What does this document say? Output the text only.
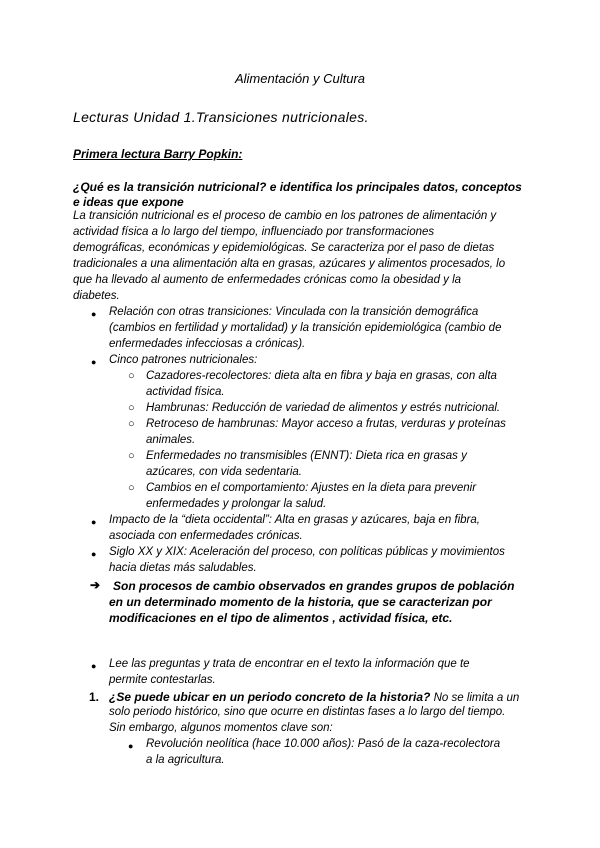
Alimentación y Cultura
Lecturas Unidad 1.Transiciones nutricionales.
Primera lectura Barry Popkin:
¿Qué es la transición nutricional? e identifica los principales datos, conceptos
e ideas que expone
La transición nutricional es el proceso de cambio en los patrones de alimentación y
actividad física a lo largo del tiempo, influenciado por transformaciones
demográficas, económicas y epidemiológicas. Se caracteriza por el paso de dietas
tradicionales a una alimentación alta en grasas, azúcares y alimentos procesados, lo
que ha llevado al aumento de enfermedades crónicas como la obesidad y la
diabetes.
● Relación con otras transiciones: Vinculada con la transición demográfica
(cambios en fertilidad y mortalidad) y la transición epidemiológica (cambio de
enfermedades infecciosas a crónicas).
● Cinco patrones nutricionales:
○ Cazadores-recolectores: dieta alta en fibra y baja en grasas, con alta
actividad física.
○ Hambrunas: Reducción de variedad de alimentos y estrés nutricional.
○ Retroceso de hambrunas: Mayor acceso a frutas, verduras y proteínas
animales.
○ Enfermedades no transmisibles (ENNT): Dieta rica en grasas y
azúcares, con vida sedentaria.
○ Cambios en el comportamiento: Ajustes en la dieta para prevenir
enfermedades y prolongar la salud.
● Impacto de la “dieta occidental”: Alta en grasas y azúcares, baja en fibra,
asociada con enfermedades crónicas.
● Siglo XX y XIX: Aceleración del proceso, con políticas públicas y movimientos
hacia dietas más saludables.
➔ Son procesos de cambio observados en grandes grupos de población
en un determinado momento de la historia, que se caracterizan por
modificaciones en el tipo de alimentos , actividad física, etc.
● Lee las preguntas y trata de encontrar en el texto la información que te
permite contestarlas.
1. ¿Se puede ubicar en un periodo concreto de la historia? No se limita a un
solo periodo histórico, sino que ocurre en distintas fases a lo largo del tiempo.
Sin embargo, algunos momentos clave son:
● Revolución neolítica (hace 10.000 años): Pasó de la caza-recolectora
a la agricultura.
